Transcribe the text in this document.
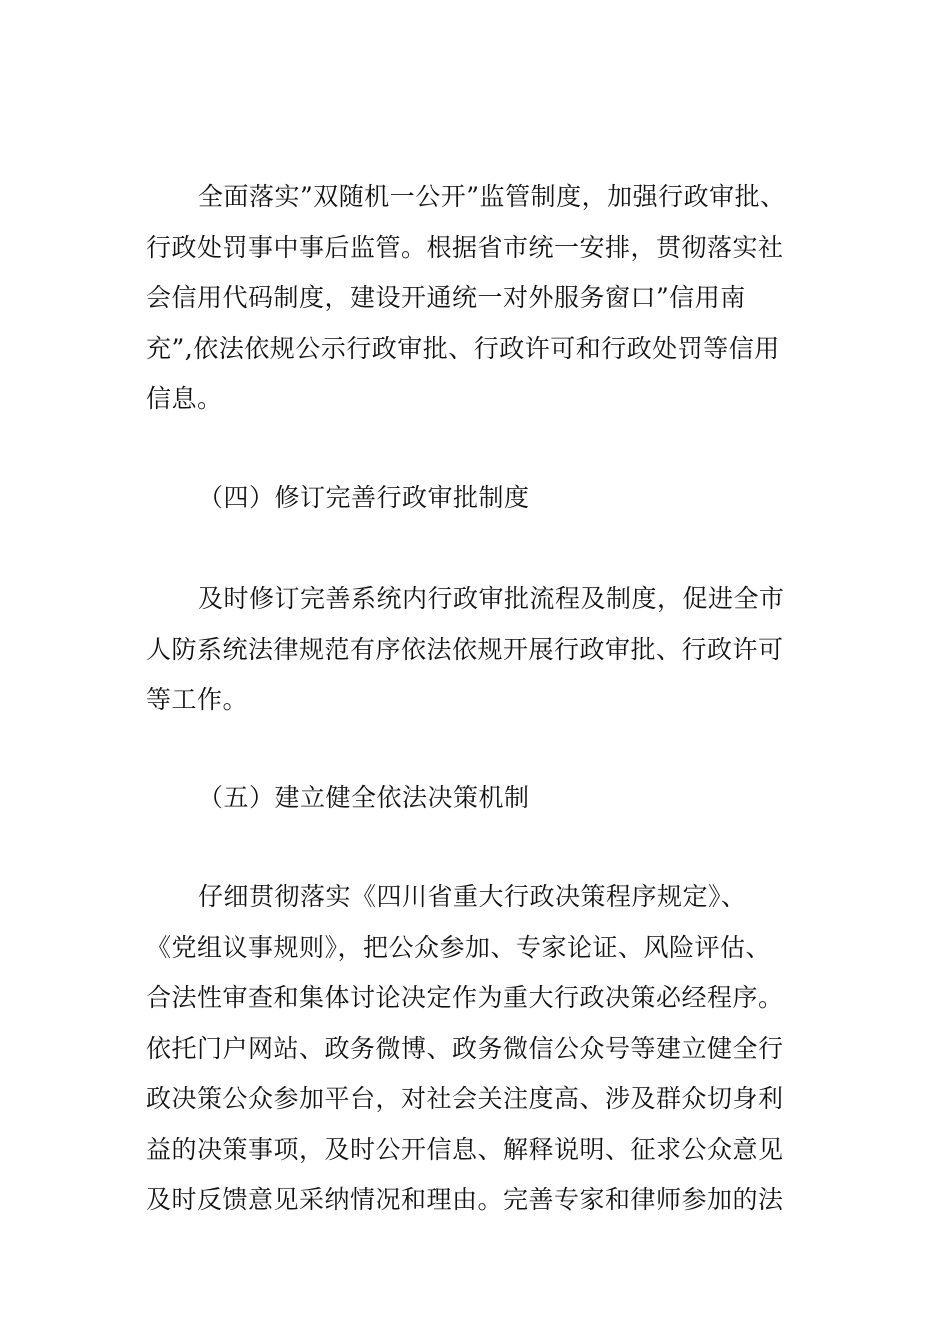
全面落实”双随机一公开”监管制度，加强行政审批、
行政处罚事中事后监管。根据省市统一安排，贯彻落实社
会信用代码制度，建设开通统一对外服务窗口”信用南
充”,依法依规公示行政审批、行政许可和行政处罚等信用
信息。
（四）修订完善行政审批制度
及时修订完善系统内行政审批流程及制度，促进全市
人防系统法律规范有序依法依规开展行政审批、行政许可
等工作。
（五）建立健全依法决策机制
仔细贯彻落实《四川省重大行政决策程序规定》、
《党组议事规则》，把公众参加、专家论证、风险评估、
合法性审查和集体讨论决定作为重大行政决策必经程序。
依托门户网站、政务微博、政务微信公众号等建立健全行
政决策公众参加平台，对社会关注度高、涉及群众切身利
益的决策事项，及时公开信息、解释说明、征求公众意见
及时反馈意见采纳情况和理由。完善专家和律师参加的法
